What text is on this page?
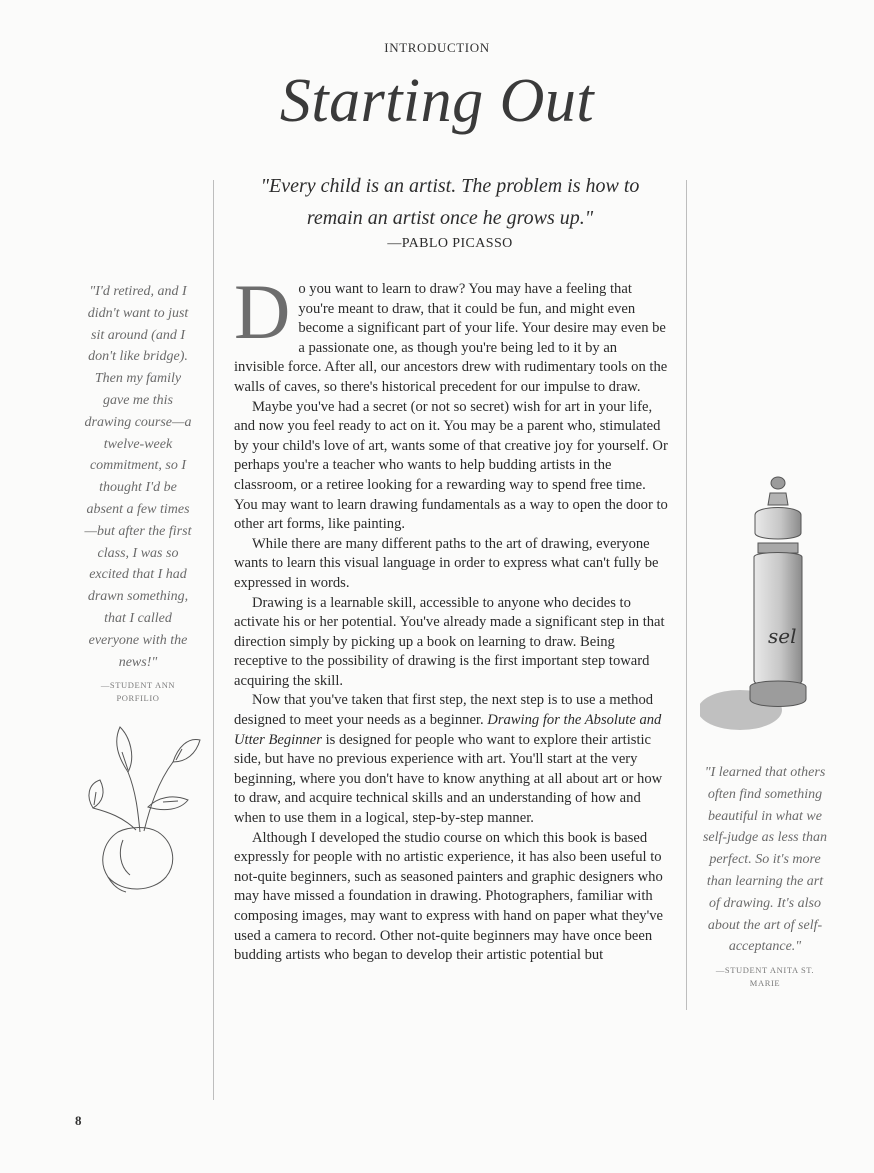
INTRODUCTION
Starting Out
"Every child is an artist. The problem is how to remain an artist once he grows up."
—PABLO PICASSO

Do you want to learn to draw? You may have a feeling that you're meant to draw, that it could be fun, and might even become a significant part of your life. Your desire may even be a passionate one, as though you're being led to it by an invisible force. After all, our ancestors drew with rudimentary tools on the walls of caves, so there's historical precedent for our impulse to draw.

Maybe you've had a secret (or not so secret) wish for art in your life, and now you feel ready to act on it. You may be a parent who, stimulated by your child's love of art, wants some of that creative joy for yourself. Or perhaps you're a teacher who wants to help budding artists in the classroom, or a retiree looking for a rewarding way to spend free time. You may want to learn drawing fundamentals as a way to open the door to other art forms, like painting.

While there are many different paths to the art of drawing, everyone wants to learn this visual language in order to express what can't fully be expressed in words.

Drawing is a learnable skill, accessible to anyone who decides to activate his or her potential. You've already made a significant step in that direction simply by picking up a book on learning to draw. Being receptive to the possibility of drawing is the first important step toward acquiring the skill.

Now that you've taken that first step, the next step is to use a method designed to meet your needs as a beginner. Drawing for the Absolute and Utter Beginner is designed for people who want to explore their artistic side, but have no previous experience with art. You'll start at the very beginning, where you don't have to know anything at all about art or how to draw, and acquire technical skills and an understanding of how and when to use them in a logical, step-by-step manner.

Although I developed the studio course on which this book is based expressly for people with no artistic experience, it has also been useful to not-quite beginners, such as seasoned painters and graphic designers who may have missed a foundation in drawing. Photographers, familiar with composing images, may want to express with hand on paper what they've used a camera to record. Other not-quite beginners may have once been budding artists who began to develop their artistic potential but

"I'd retired, and I didn't want to just sit around (and I don't like bridge). Then my family gave me this drawing course—a twelve-week commitment, so I thought I'd be absent a few times—but after the first class, I was so excited that I had drawn something, that I called everyone with the news!"
—STUDENT ANN PORFILIO
"I learned that others often find something beautiful in what we self-judge as less than perfect. So it's more than learning the art of drawing. It's also about the art of self-acceptance."
—STUDENT ANITA ST. MARIE
sel
8
